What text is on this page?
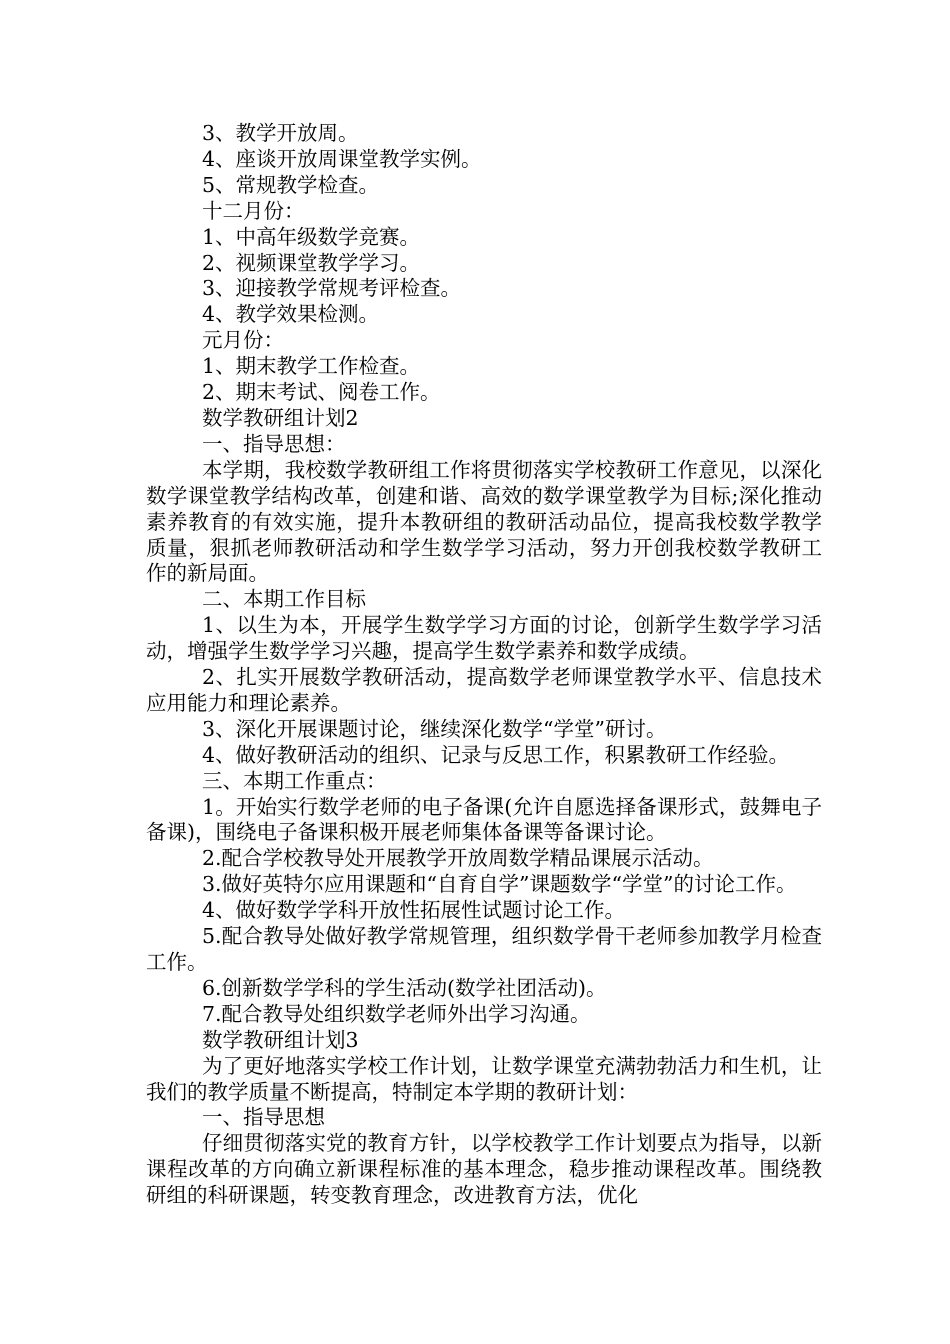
3、教学开放周。

4、座谈开放周课堂教学实例。

5、常规教学检查。

十二月份：

1、中高年级数学竞赛。

2、视频课堂教学学习。

3、迎接教学常规考评检查。

4、教学效果检测。

元月份：

1、期末教学工作检查。

2、期末考试、阅卷工作。

数学教研组计划2

一、指导思想：

本学期，我校数学教研组工作将贯彻落实学校教研工作意见，以深化数学课堂教学结构改革，创建和谐、高效的数学课堂教学为目标;深化推动素养教育的有效实施，提升本教研组的教研活动品位，提高我校数学教学质量，狠抓老师教研活动和学生数学学习活动，努力开创我校数学教研工作的新局面。

二、本期工作目标

1、以生为本，开展学生数学学习方面的讨论，创新学生数学学习活动，增强学生数学学习兴趣，提高学生数学素养和数学成绩。

2、扎实开展数学教研活动，提高数学老师课堂教学水平、信息技术应用能力和理论素养。

3、深化开展课题讨论，继续深化数学“学堂”研讨。

4、做好教研活动的组织、记录与反思工作，积累教研工作经验。

三、本期工作重点：

1。开始实行数学老师的电子备课(允许自愿选择备课形式，鼓舞电子备课)，围绕电子备课积极开展老师集体备课等备课讨论。

2.配合学校教导处开展教学开放周数学精品课展示活动。

3.做好英特尔应用课题和“自育自学”课题数学“学堂”的讨论工作。

4、做好数学学科开放性拓展性试题讨论工作。

5.配合教导处做好教学常规管理，组织数学骨干老师参加教学月检查工作。

6.创新数学学科的学生活动(数学社团活动)。

7.配合教导处组织数学老师外出学习沟通。

数学教研组计划3

为了更好地落实学校工作计划，让数学课堂充满勃勃活力和生机，让我们的教学质量不断提高，特制定本学期的教研计划：

一、指导思想

仔细贯彻落实党的教育方针，以学校教学工作计划要点为指导，以新课程改革的方向确立新课程标准的基本理念，稳步推动课程改革。围绕教研组的科研课题，转变教育理念，改进教育方法，优化
